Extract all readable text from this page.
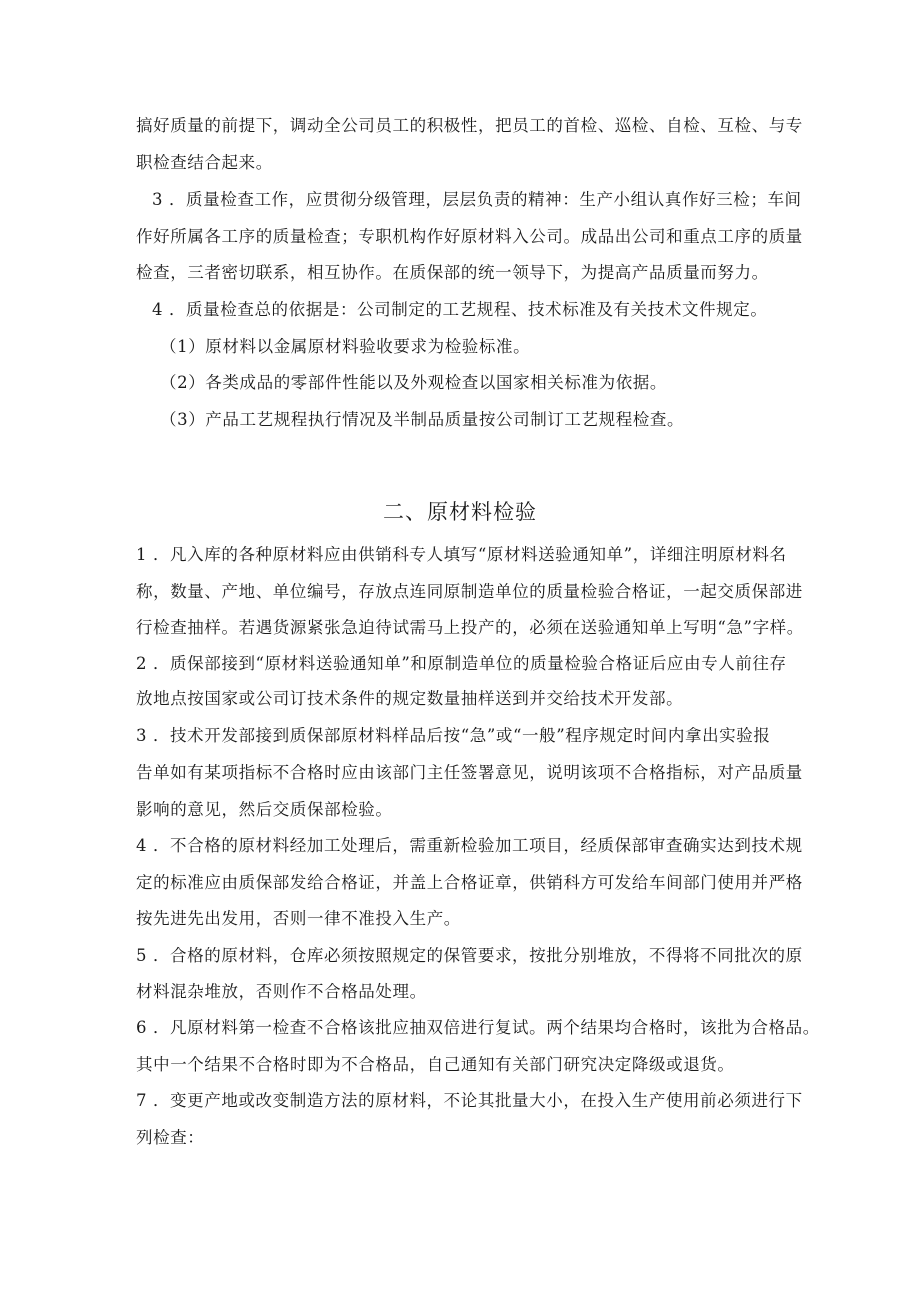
搞好质量的前提下，调动全公司员工的积极性，把员工的首检、巡检、自检、互检、与专
职检查结合起来。
3 ．质量检查工作，应贯彻分级管理，层层负责的精神：生产小组认真作好三检；车间
作好所属各工序的质量检查；专职机构作好原材料入公司。成品出公司和重点工序的质量
检查，三者密切联系，相互协作。在质保部的统一领导下，为提高产品质量而努力。
4 ．质量检查总的依据是：公司制定的工艺规程、技术标准及有关技术文件规定。
（1）原材料以金属原材料验收要求为检验标准。
（2）各类成品的零部件性能以及外观检查以国家相关标准为依据。
（3）产品工艺规程执行情况及半制品质量按公司制订工艺规程检查。
二、原材料检验
1 ．凡入库的各种原材料应由供销科专人填写“原材料送验通知单”，详细注明原材料名
称，数量、产地、单位编号，存放点连同原制造单位的质量检验合格证，一起交质保部进
行检查抽样。若遇货源紧张急迫待试需马上投产的，必须在送验通知单上写明“急”字样。
2 ．质保部接到“原材料送验通知单”和原制造单位的质量检验合格证后应由专人前往存
放地点按国家或公司订技术条件的规定数量抽样送到并交给技术开发部。
3 ．技术开发部接到质保部原材料样品后按“急”或“一般”程序规定时间内拿出实验报
告单如有某项指标不合格时应由该部门主任签署意见，说明该项不合格指标，对产品质量
影响的意见，然后交质保部检验。
4 ．不合格的原材料经加工处理后，需重新检验加工项目，经质保部审查确实达到技术规
定的标准应由质保部发给合格证，并盖上合格证章，供销科方可发给车间部门使用并严格
按先进先出发用，否则一律不准投入生产。
5 ．合格的原材料，仓库必须按照规定的保管要求，按批分别堆放，不得将不同批次的原
材料混杂堆放，否则作不合格品处理。
6 ．凡原材料第一检查不合格该批应抽双倍进行复试。两个结果均合格时，该批为合格品。
其中一个结果不合格时即为不合格品，自己通知有关部门研究决定降级或退货。
7 ．变更产地或改变制造方法的原材料，不论其批量大小，在投入生产使用前必须进行下
列检查：
